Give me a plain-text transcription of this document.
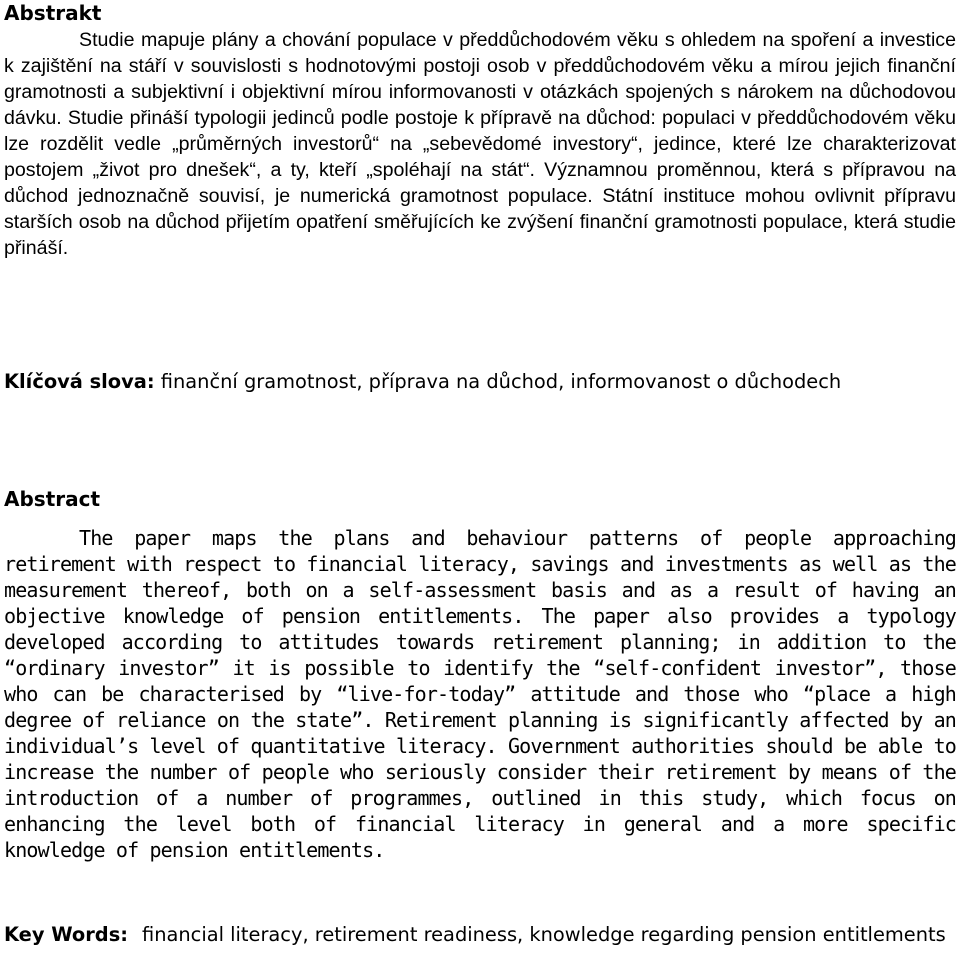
Abstrakt

Studie mapuje plány a chování populace v předdůchodovém věku s ohledem na spoření a investice k zajištění na stáří v souvislosti s hodnotovými postoji osob v předdůchodovém věku a mírou jejich finanční gramotnosti a subjektivní i objektivní mírou informovanosti v otázkách spojených s nárokem na důchodovou dávku. Studie přináší typologii jedinců podle postoje k přípravě na důchod: populaci v předdůchodovém věku lze rozdělit vedle „průměrných investorů“ na „sebevědomé investory“, jedince, které lze charakterizovat postojem „život pro dnešek“, a ty, kteří „spoléhají na stát“. Významnou proměnnou, která s přípravou na důchod jednoznačně souvisí, je numerická gramotnost populace. Státní instituce mohou ovlivnit přípravu starších osob na důchod přijetím opatření směřujících ke zvýšení finanční gramotnosti populace, která studie přináší.

Klíčová slova: finanční gramotnost, příprava na důchod, informovanost o důchodech

Abstract

The paper maps the plans and behaviour patterns of people approaching retirement with respect to financial literacy, savings and investments as well as the measurement thereof, both on a self-assessment basis and as a result of having an objective knowledge of pension entitlements. The paper also provides a typology developed according to attitudes towards retirement planning; in addition to the “ordinary investor” it is possible to identify the “self-confident investor”, those who can be characterised by “live-for-today” attitude and those who “place a high degree of reliance on the state”. Retirement planning is significantly affected by an individual’s level of quantitative literacy. Government authorities should be able to increase the number of people who seriously consider their retirement by means of the introduction of a number of programmes, outlined in this study, which focus on enhancing the level both of financial literacy in general and a more specific knowledge of pension entitlements.

Key Words: financial literacy, retirement readiness, knowledge regarding pension entitlements
